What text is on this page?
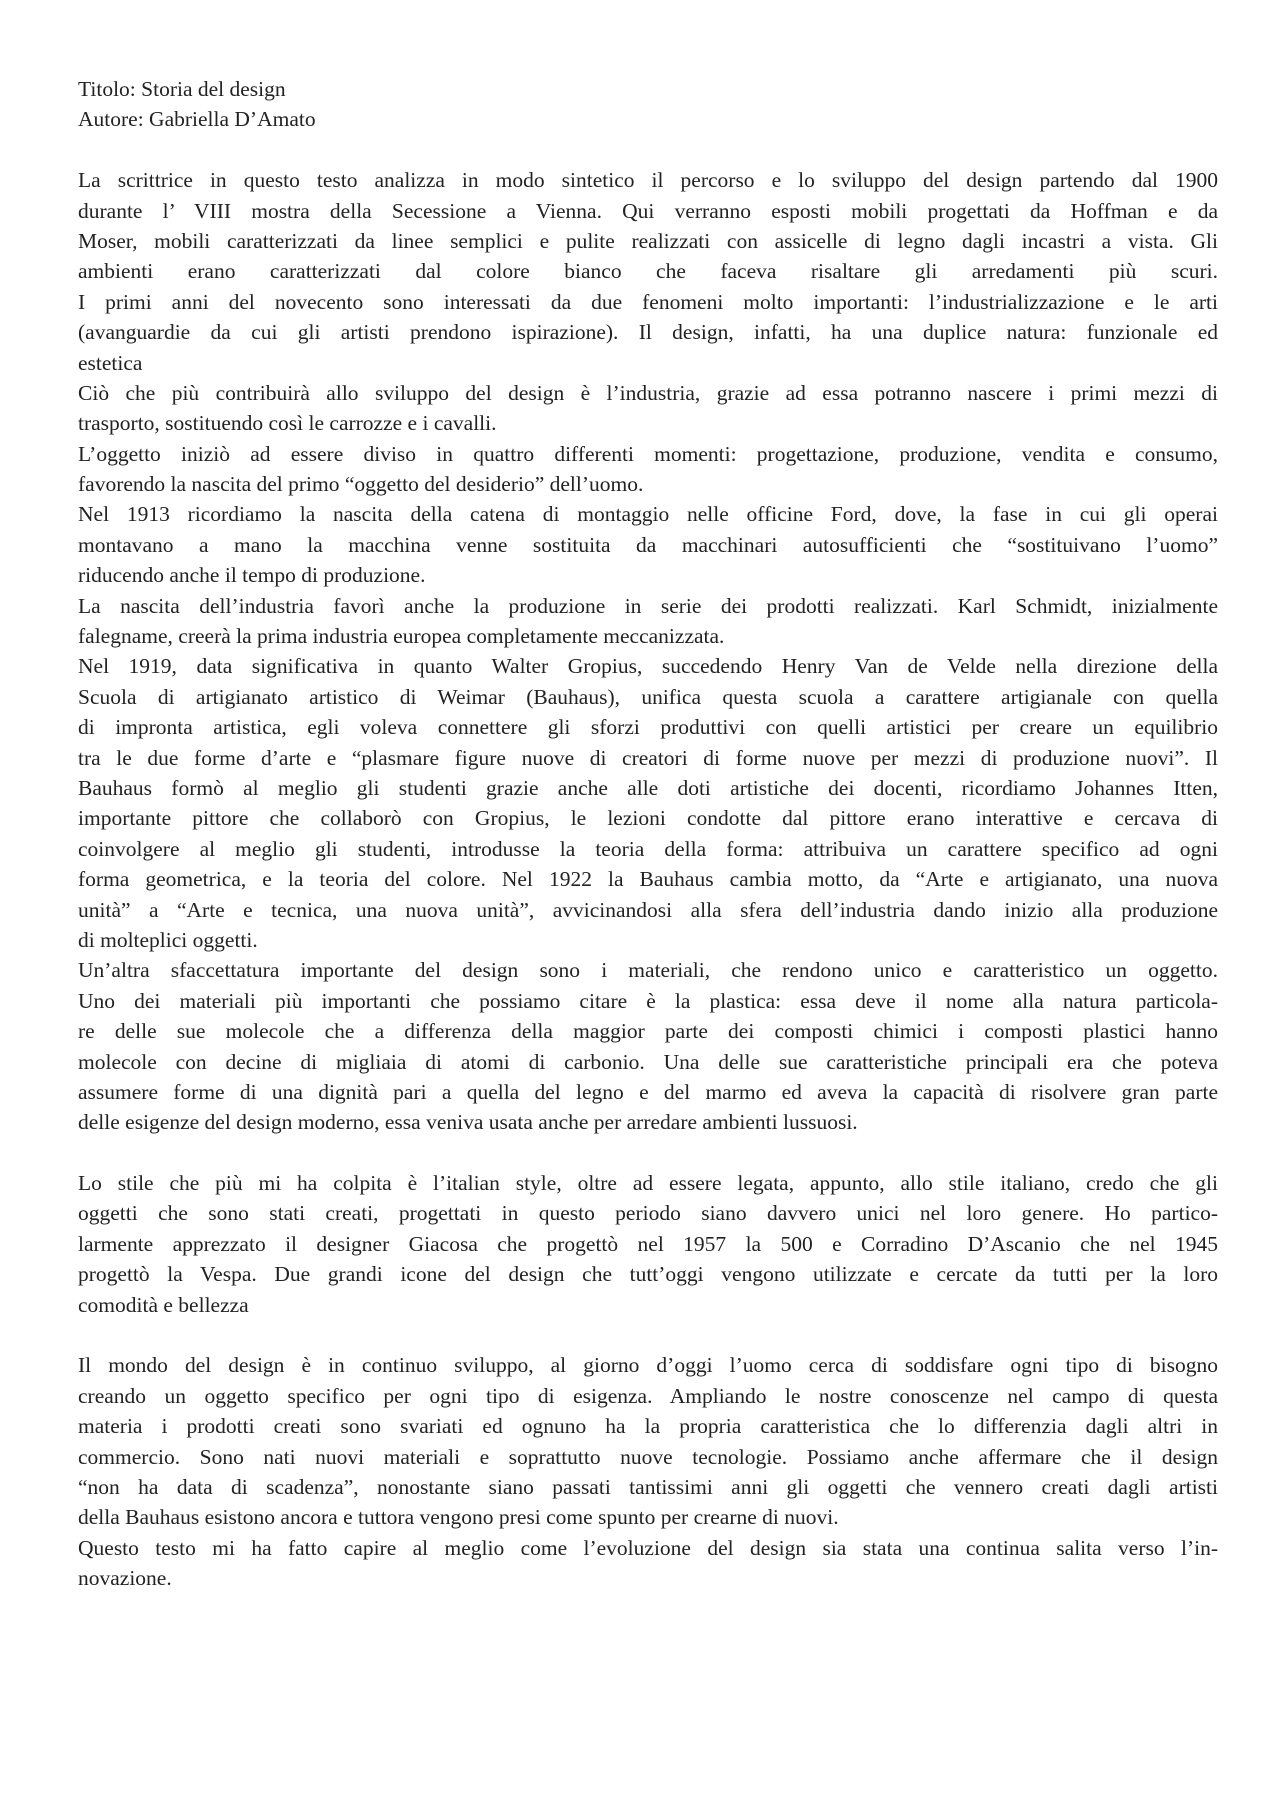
Titolo: Storia del design
Autore: Gabriella D’Amato
La scrittrice in questo testo analizza in modo sintetico il percorso e lo sviluppo del design partendo dal 1900
durante l’ VIII mostra della Secessione a Vienna. Qui verranno esposti mobili progettati da Hoffman e da
Moser, mobili caratterizzati da linee semplici e pulite realizzati con assicelle di legno dagli incastri a vista. Gli
ambienti erano caratterizzati dal colore bianco che faceva risaltare gli arredamenti più scuri.
I primi anni del novecento sono interessati da due fenomeni molto importanti: l’industrializzazione e le arti
(avanguardie da cui gli artisti prendono ispirazione). Il design, infatti, ha una duplice natura: funzionale ed
estetica
Ciò che più contribuirà allo sviluppo del design è l’industria, grazie ad essa potranno nascere i primi mezzi di
trasporto, sostituendo così le carrozze e i cavalli.
L’oggetto iniziò ad essere diviso in quattro differenti momenti: progettazione, produzione, vendita e consumo,
favorendo la nascita del primo “oggetto del desiderio” dell’uomo.
Nel 1913 ricordiamo la nascita della catena di montaggio nelle officine Ford, dove, la fase in cui gli operai
montavano a mano la macchina venne sostituita da macchinari autosufficienti che “sostituivano l’uomo”
riducendo anche il tempo di produzione.
La nascita dell’industria favorì anche la produzione in serie dei prodotti realizzati. Karl Schmidt, inizialmente
falegname, creerà la prima industria europea completamente meccanizzata.
Nel 1919, data significativa in quanto Walter Gropius, succedendo Henry Van de Velde nella direzione della
Scuola di artigianato artistico di Weimar (Bauhaus), unifica questa scuola a carattere artigianale con quella
di impronta artistica, egli voleva connettere gli sforzi produttivi con quelli artistici per creare un equilibrio
tra le due forme d’arte e “plasmare figure nuove di creatori di forme nuove per mezzi di produzione nuovi”. Il
Bauhaus formò al meglio gli studenti grazie anche alle doti artistiche dei docenti, ricordiamo Johannes Itten,
importante pittore che collaborò con Gropius, le lezioni condotte dal pittore erano interattive e cercava di
coinvolgere al meglio gli studenti, introdusse la teoria della forma: attribuiva un carattere specifico ad ogni
forma geometrica, e la teoria del colore. Nel 1922 la Bauhaus cambia motto, da “Arte e artigianato, una nuova
unità” a “Arte e tecnica, una nuova unità”, avvicinandosi alla sfera dell’industria dando inizio alla produzione
di molteplici oggetti.
Un’altra sfaccettatura importante del design sono i materiali, che rendono unico e caratteristico un oggetto.
Uno dei materiali più importanti che possiamo citare è la plastica: essa deve il nome alla natura particola-
re delle sue molecole che a differenza della maggior parte dei composti chimici i composti plastici hanno
molecole con decine di migliaia di atomi di carbonio. Una delle sue caratteristiche principali era che poteva
assumere forme di una dignità pari a quella del legno e del marmo ed aveva la capacità di risolvere gran parte
delle esigenze del design moderno, essa veniva usata anche per arredare ambienti lussuosi.
Lo stile che più mi ha colpita è l’italian style, oltre ad essere legata, appunto, allo stile italiano, credo che gli
oggetti che sono stati creati, progettati in questo periodo siano davvero unici nel loro genere. Ho partico-
larmente apprezzato il designer Giacosa che progettò nel 1957 la 500 e Corradino D’Ascanio che nel 1945
progettò la Vespa. Due grandi icone del design che tutt’oggi vengono utilizzate e cercate da tutti per la loro
comodità e bellezza
Il mondo del design è in continuo sviluppo, al giorno d’oggi l’uomo cerca di soddisfare ogni tipo di bisogno
creando un oggetto specifico per ogni tipo di esigenza. Ampliando le nostre conoscenze nel campo di questa
materia i prodotti creati sono svariati ed ognuno ha la propria caratteristica che lo differenzia dagli altri in
commercio. Sono nati nuovi materiali e soprattutto nuove tecnologie. Possiamo anche affermare che il design
“non ha data di scadenza”, nonostante siano passati tantissimi anni gli oggetti che vennero creati dagli artisti
della Bauhaus esistono ancora e tuttora vengono presi come spunto per crearne di nuovi.
Questo testo mi ha fatto capire al meglio come l’evoluzione del design sia stata una continua salita verso l’in-
novazione.
